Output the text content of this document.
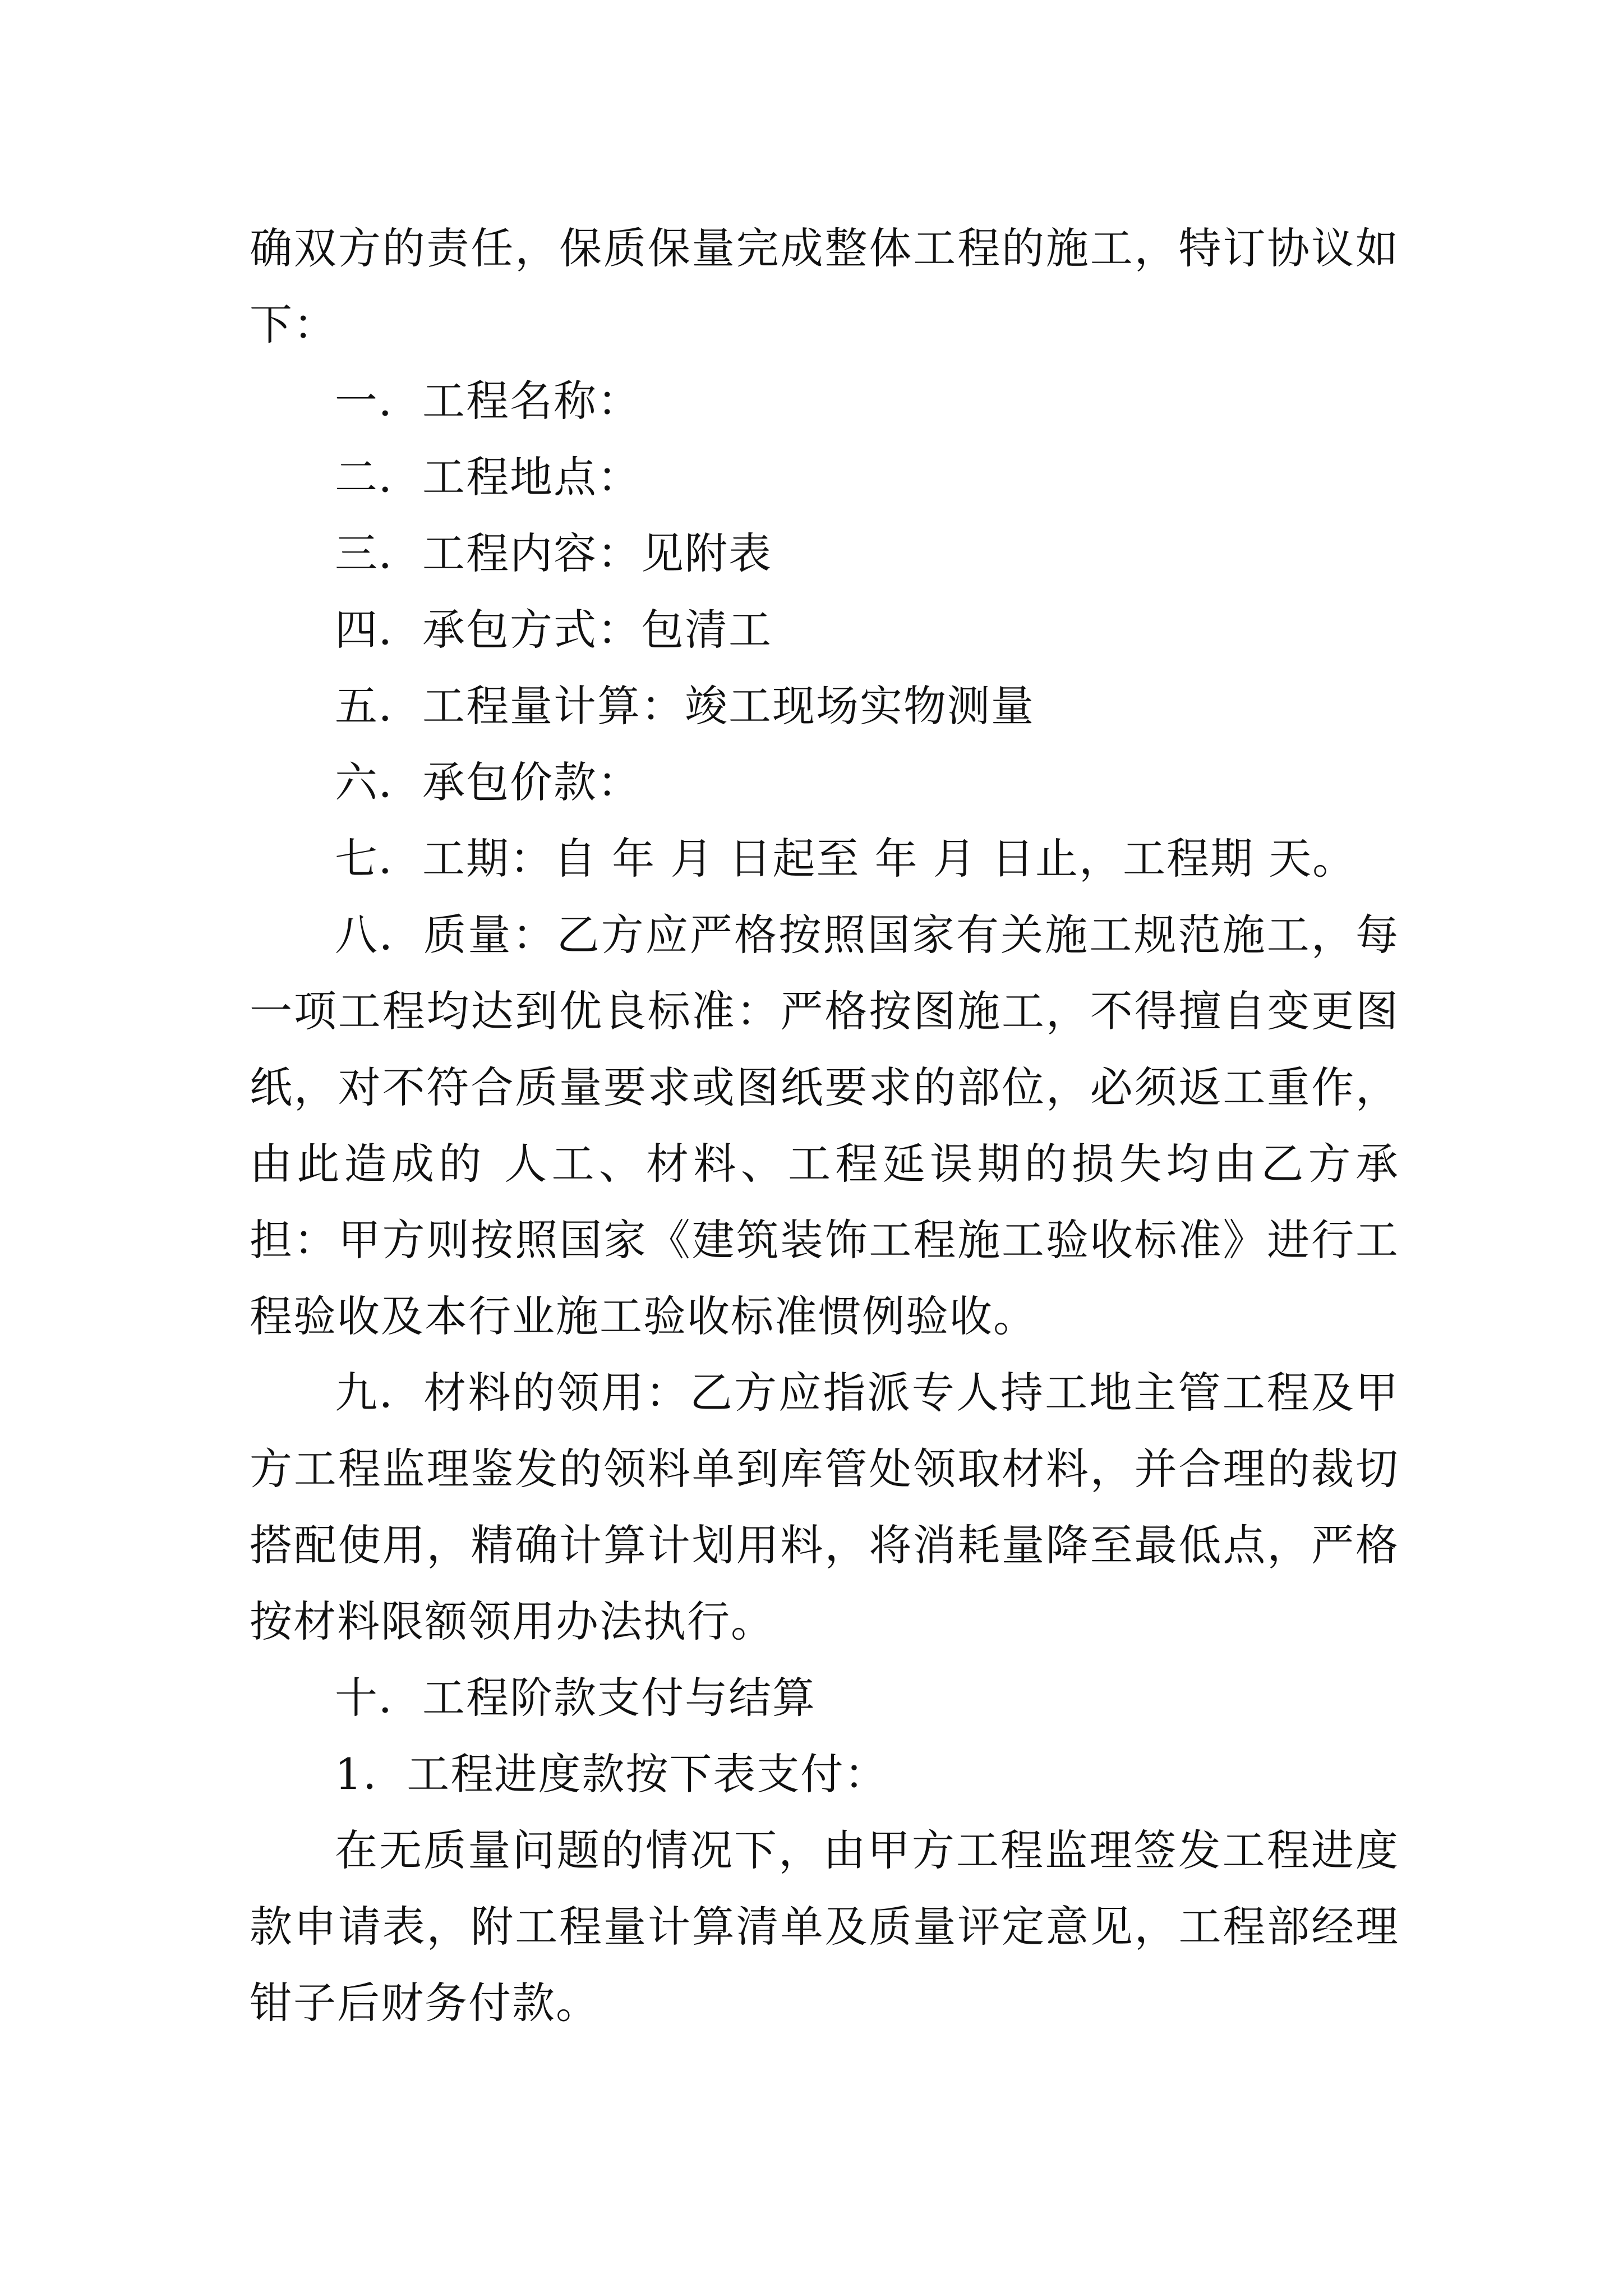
确双方的责任，保质保量完成整体工程的施工，特订协议如下：

一．工程名称：

二．工程地点：

三．工程内容：见附表

四．承包方式：包清工

五．工程量计算：竣工现场实物测量

六．承包价款：

七．工期：自 年 月 日起至 年 月 日止，工程期 天。

八．质量：乙方应严格按照国家有关施工规范施工，每一项工程均达到优良标准：严格按图施工，不得擅自变更图纸，对不符合质量要求或图纸要求的部位，必须返工重作，由此造成的 人工、材料、工程延误期的损失均由乙方承担：甲方则按照国家《建筑装饰工程施工验收标准》进行工程验收及本行业施工验收标准惯例验收。

九．材料的领用：乙方应指派专人持工地主管工程及甲方工程监理鉴发的领料单到库管处领取材料，并合理的裁切搭配使用，精确计算计划用料，将消耗量降至最低点，严格按材料限额领用办法执行。

十．工程阶款支付与结算

1．工程进度款按下表支付：

在无质量问题的情况下，由甲方工程监理签发工程进度款申请表，附工程量计算清单及质量评定意见，工程部经理钳子后财务付款。
